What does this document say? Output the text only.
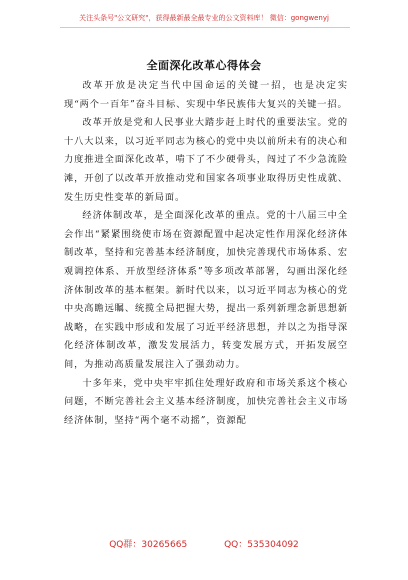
关注头条号"公文研究"，获得最新最全最专业的公文资料库！ 微信：gongwenyj
全面深化改革心得体会

改革开放是决定当代中国命运的关键一招，也是决定实现“两个一百年”奋斗目标、实现中华民族伟大复兴的关键一招。

改革开放是党和人民事业大踏步赶上时代的重要法宝。党的十八大以来，以习近平同志为核心的党中央以前所未有的决心和力度推进全面深化改革，啃下了不少硬骨头，闯过了不少急流险滩，开创了以改革开放推动党和国家各项事业取得历史性成就、发生历史性变革的新局面。

经济体制改革，是全面深化改革的重点。党的十八届三中全会作出“紧紧围绕使市场在资源配置中起决定性作用深化经济体制改革，坚持和完善基本经济制度，加快完善现代市场体系、宏观调控体系、开放型经济体系”等多项改革部署，勾画出深化经济体制改革的基本框架。新时代以来，以习近平同志为核心的党中央高瞻远瞩、统揽全局把握大势，提出一系列新理念新思想新战略，在实践中形成和发展了习近平经济思想，并以之为指导深化经济体制改革，激发发展活力，转变发展方式，开拓发展空间，为推动高质量发展注入了强劲动力。

十多年来，党中央牢牢抓住处理好政府和市场关系这个核心问题，不断完善社会主义基本经济制度，加快完善社会主义市场经济体制，坚持“两个毫不动摇”，资源配

QQ群：30265665	QQ：535304092
